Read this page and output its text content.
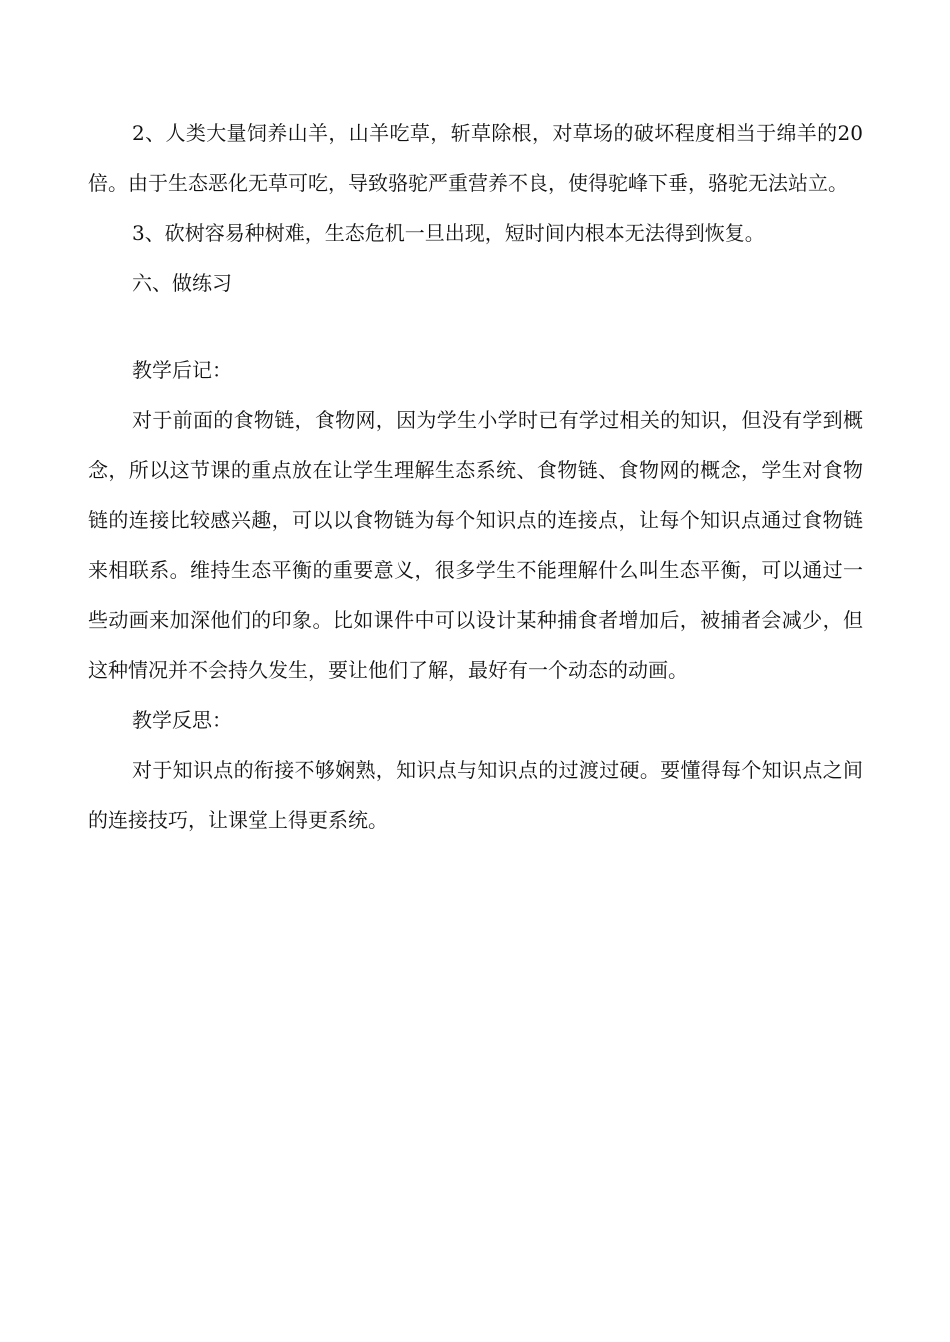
2、人类大量饲养山羊，山羊吃草，斩草除根，对草场的破坏程度相当于绵羊的20倍。由于生态恶化无草可吃，导致骆驼严重营养不良，使得驼峰下垂，骆驼无法站立。

3、砍树容易种树难，生态危机一旦出现，短时间内根本无法得到恢复。

六、做练习

教学后记：

对于前面的食物链，食物网，因为学生小学时已有学过相关的知识，但没有学到概念，所以这节课的重点放在让学生理解生态系统、食物链、食物网的概念，学生对食物链的连接比较感兴趣，可以以食物链为每个知识点的连接点，让每个知识点通过食物链来相联系。维持生态平衡的重要意义，很多学生不能理解什么叫生态平衡，可以通过一些动画来加深他们的印象。比如课件中可以设计某种捕食者增加后，被捕者会减少，但这种情况并不会持久发生，要让他们了解，最好有一个动态的动画。

教学反思：

对于知识点的衔接不够娴熟，知识点与知识点的过渡过硬。要懂得每个知识点之间的连接技巧，让课堂上得更系统。
